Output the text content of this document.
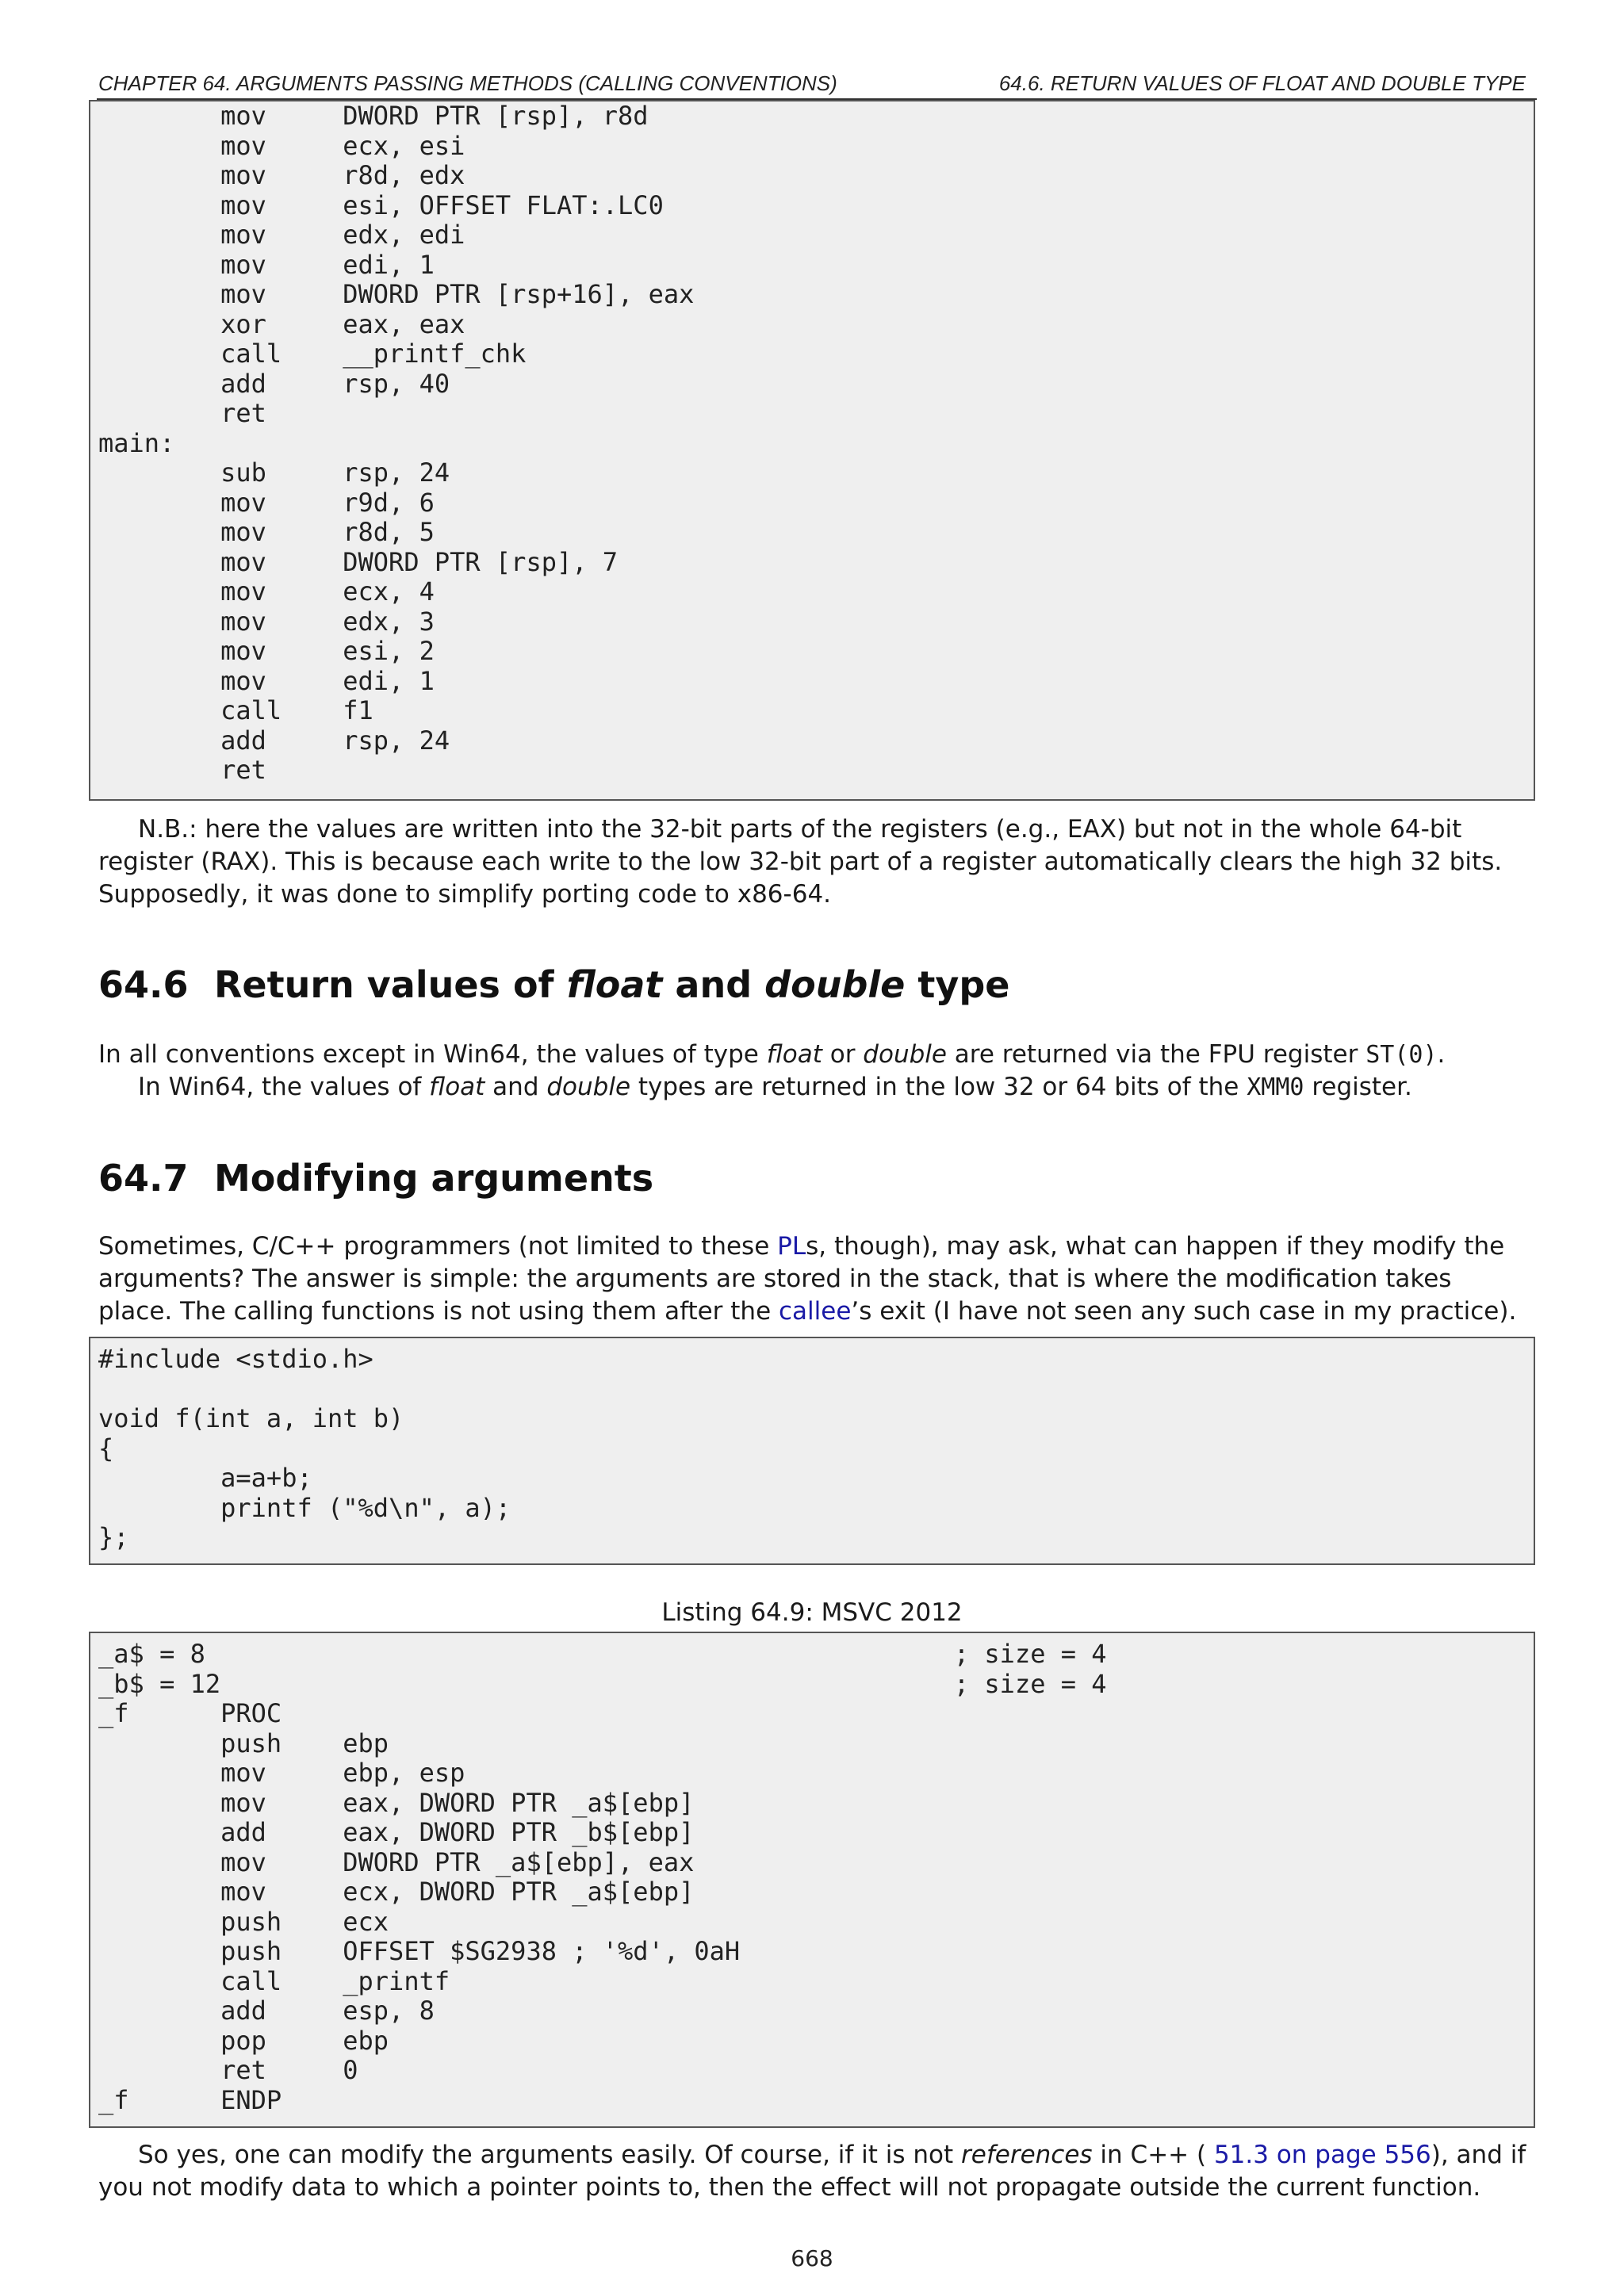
CHAPTER 64. ARGUMENTS PASSING METHODS (CALLING CONVENTIONS)	64.6. RETURN VALUES OF FLOAT AND DOUBLE TYPE
mov     DWORD PTR [rsp], r8d
mov     ecx, esi
mov     r8d, edx
mov     esi, OFFSET FLAT:.LC0
mov     edx, edi
mov     edi, 1
mov     DWORD PTR [rsp+16], eax
xor     eax, eax
call    __printf_chk
add     rsp, 40
ret
main:
sub     rsp, 24
mov     r9d, 6
mov     r8d, 5
mov     DWORD PTR [rsp], 7
mov     ecx, 4
mov     edx, 3
mov     esi, 2
mov     edi, 1
call    f1
add     rsp, 24
ret

N.B.: here the values are written into the 32-bit parts of the registers (e.g., EAX) but not in the whole 64-bit register (RAX). This is because each write to the low 32-bit part of a register automatically clears the high 32 bits. Supposedly, it was done to simplify porting code to x86-64.

64.6 Return values of float and double type

In all conventions except in Win64, the values of type float or double are returned via the FPU register ST(0).

In Win64, the values of float and double types are returned in the low 32 or 64 bits of the XMM0 register.

64.7 Modifying arguments

Sometimes, C/C++ programmers (not limited to these PLs, though), may ask, what can happen if they modify the arguments? The answer is simple: the arguments are stored in the stack, that is where the modification takes place. The calling functions is not using them after the callee’s exit (I have not seen any such case in my practice).

#include <stdio.h>
void f(int a, int b)
{
a=a+b;
printf ("%d\n", a);
};
Listing 64.9: MSVC 2012
_a$ = 8                                                 ; size = 4
_b$ = 12                                                ; size = 4
_f      PROC
push    ebp
mov     ebp, esp
mov     eax, DWORD PTR _a$[ebp]
add     eax, DWORD PTR _b$[ebp]
mov     DWORD PTR _a$[ebp], eax
mov     ecx, DWORD PTR _a$[ebp]
push    ecx
push    OFFSET $SG2938 ; '%d', 0aH
call    _printf
add     esp, 8
pop     ebp
ret     0
_f      ENDP

So yes, one can modify the arguments easily. Of course, if it is not references in C++ ( 51.3 on page 556), and if you not modify data to which a pointer points to, then the effect will not propagate outside the current function.

668
